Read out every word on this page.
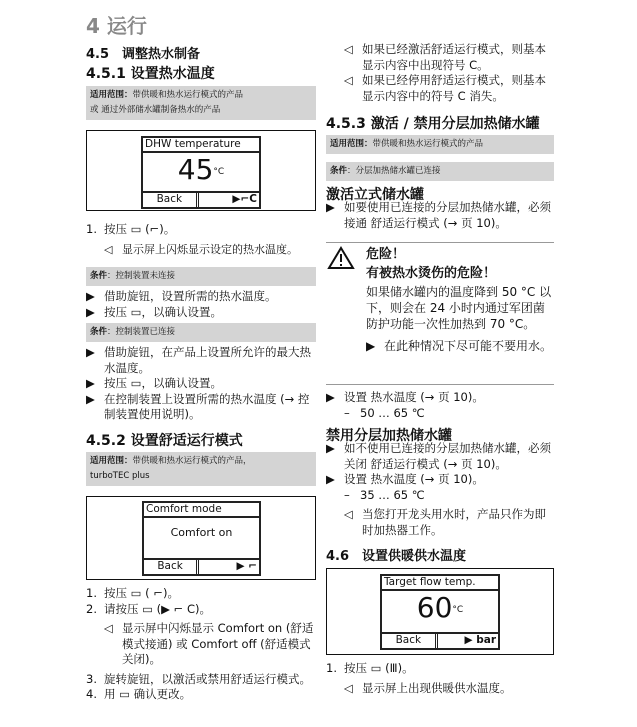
4 运行
4.5　调整热水制备
4.5.1 设置热水温度
适用范围：带供暖和热水运行模式的产品
或 通过外部储水罐制备热水的产品
DHW temperature
$45^{^\circ C}$
Back	▶⌐C
1. 按压 ▭ (⌐)。
◁ 显示屏上闪烁显示设定的热水温度。
条件：控制装置未连接
▶ 借助旋钮，设置所需的热水温度。
▶ 按压 ▭，以确认设置。
条件：控制装置已连接
▶ 借助旋钮，在产品上设置所允许的最大热水温度。
▶ 按压 ▭，以确认设置。
▶ 在控制装置上设置所需的热水温度 (→ 控制装置使用说明)。
4.5.2 设置舒适运行模式
适用范围：带供暖和热水运行模式的产品，
turboTEC plus
Comfort mode
Comfort on
Back	▶ ⌐
1. 按压 ▭ ( ⌐)。
2. 请按压 ▭ (▶ ⌐ C)。
◁ 显示屏中闪烁显示 Comfort on (舒适模式接通) 或 Comfort off (舒适模式关闭)。
3. 旋转旋钮，以激活或禁用舒适运行模式。
4. 用 ▭ 确认更改。
◁ 如果已经激活舒适运行模式，则基本显示内容中出现符号 C。
◁ 如果已经停用舒适运行模式，则基本显示内容中的符号 C 消失。
4.5.3 激活 / 禁用分层加热储水罐
适用范围：带供暖和热水运行模式的产品
条件：分层加热储水罐已连接
激活立式储水罐
▶ 如要使用已连接的分层加热储水罐，必须接通 舒适运行模式 (→ 页 10)。
危险！
有被热水烫伤的危险！
如果储水罐内的温度降到 50 °C 以下，则会在 24 小时内通过军团菌防护功能一次性加热到 70 °C。
▶ 在此种情况下尽可能不要用水。
▶ 设置 热水温度 (→ 页 10)。
– 50 … 65 ℃
禁用分层加热储水罐
▶ 如不使用已连接的分层加热储水罐，必须关闭 舒适运行模式 (→ 页 10)。
▶ 设置 热水温度 (→ 页 10)。
– 35 … 65 ℃
◁ 当您打开龙头用水时，产品只作为即时加热器工作。
4.6　设置供暖供水温度
Target flow temp.
$60^{^\circ C}$
Back	▶ bar
1. 按压 ▭ (Ⅲ)。
◁ 显示屏上出现供暖供水温度。
